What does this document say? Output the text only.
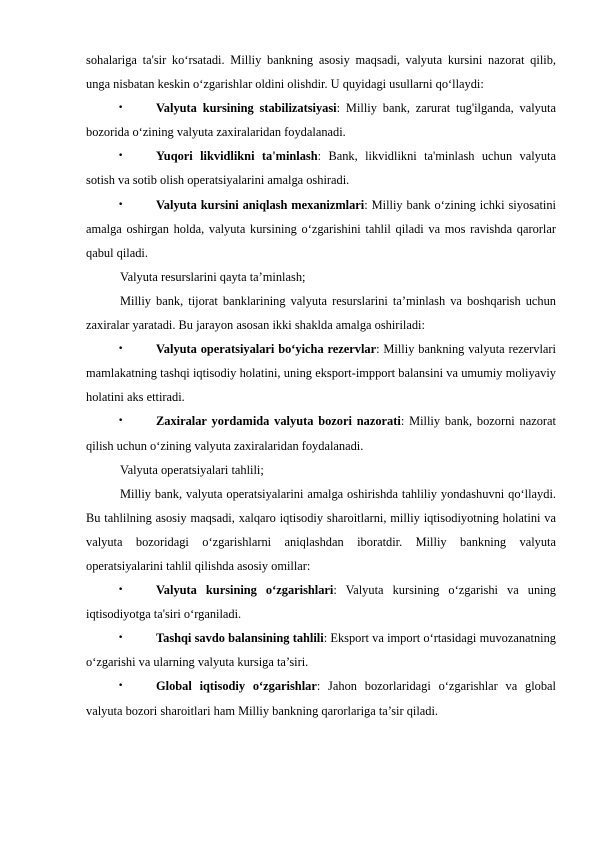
sohalariga ta'sir koʻrsatadi. Milliy bankning asosiy maqsadi, valyuta kursini nazorat qilib, unga nisbatan keskin oʻzgarishlar oldini olishdir. U quyidagi usullarni qoʻllaydi:

•	Valyuta kursining stabilizatsiyasi: Milliy bank, zarurat tug'ilganda, valyuta bozorida oʻzining valyuta zaxiralaridan foydalanadi.

•	Yuqori likvidlikni ta'minlash: Bank, likvidlikni ta'minlash uchun valyuta sotish va sotib olish operatsiyalarini amalga oshiradi.

•	Valyuta kursini aniqlash mexanizmlari: Milliy bank oʻzining ichki siyosatini amalga oshirgan holda, valyuta kursining oʻzgarishini tahlil qiladi va mos ravishda qarorlar qabul qiladi.

Valyuta resurslarini qayta ta’minlash;

Milliy bank, tijorat banklarining valyuta resurslarini ta’minlash va boshqarish uchun zaxiralar yaratadi. Bu jarayon asosan ikki shaklda amalga oshiriladi:

•	Valyuta operatsiyalari boʻyicha rezervlar: Milliy bankning valyuta rezervlari mamlakatning tashqi iqtisodiy holatini, uning eksport-impport balansini va umumiy moliyaviy holatini aks ettiradi.

•	Zaxiralar yordamida valyuta bozori nazorati: Milliy bank, bozorni nazorat qilish uchun oʻzining valyuta zaxiralaridan foydalanadi.

Valyuta operatsiyalari tahlili;

Milliy bank, valyuta operatsiyalarini amalga oshirishda tahliliy yondashuvni qoʻllaydi. Bu tahlilning asosiy maqsadi, xalqaro iqtisodiy sharoitlarni, milliy iqtisodiyotning holatini va valyuta bozoridagi oʻzgarishlarni aniqlashdan iboratdir. Milliy bankning valyuta operatsiyalarini tahlil qilishda asosiy omillar:

•	Valyuta kursining oʻzgarishlari: Valyuta kursining oʻzgarishi va uning iqtisodiyotga ta'siri oʻrganiladi.

•	Tashqi savdo balansining tahlili: Eksport va import oʻrtasidagi muvozanatning oʻzgarishi va ularning valyuta kursiga ta’siri.

•	Global iqtisodiy oʻzgarishlar: Jahon bozorlaridagi oʻzgarishlar va global valyuta bozori sharoitlari ham Milliy bankning qarorlariga ta’sir qiladi.
